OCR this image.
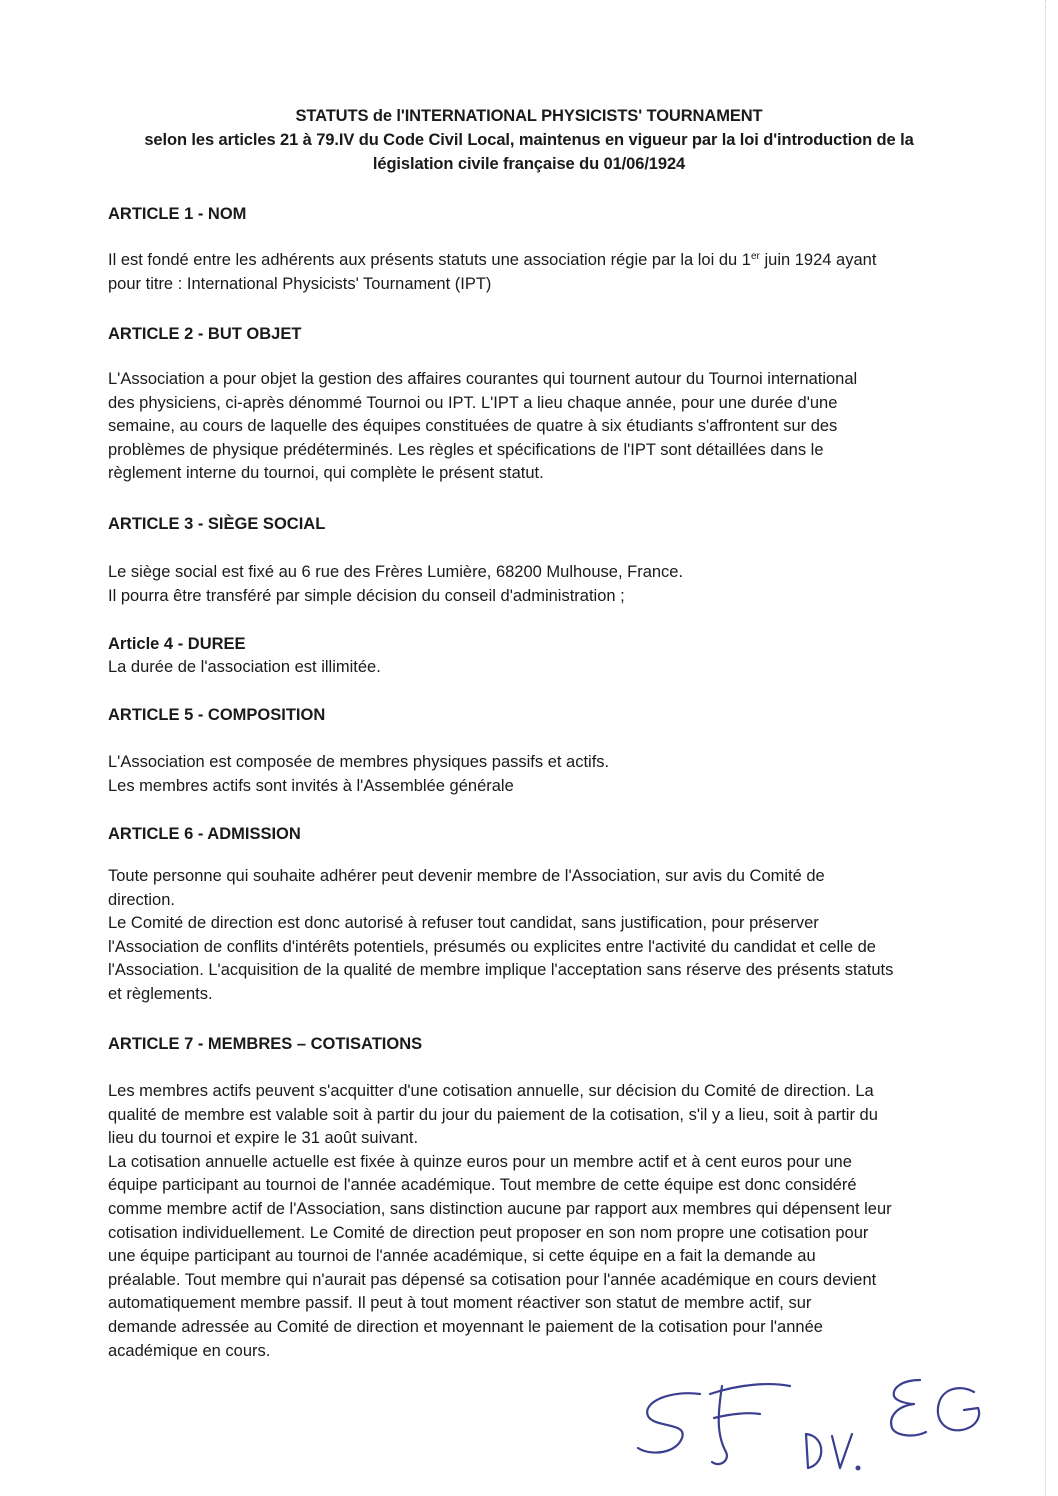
STATUTS de l'INTERNATIONAL PHYSICISTS' TOURNAMENT
selon les articles 21 à 79.IV du Code Civil Local, maintenus en vigueur par la loi d'introduction de la
législation civile française du 01/06/1924
ARTICLE 1 - NOM
Il est fondé entre les adhérents aux présents statuts une association régie par la loi du 1er juin 1924 ayant
pour titre : International Physicists' Tournament (IPT)
ARTICLE 2 - BUT OBJET
L'Association a pour objet la gestion des affaires courantes qui tournent autour du Tournoi international
des physiciens, ci-après dénommé Tournoi ou IPT. L'IPT a lieu chaque année, pour une durée d'une
semaine, au cours de laquelle des équipes constituées de quatre à six étudiants s'affrontent sur des
problèmes de physique prédéterminés. Les règles et spécifications de l'IPT sont détaillées dans le
règlement interne du tournoi, qui complète le présent statut.
ARTICLE 3 - SIÈGE SOCIAL
Le siège social est fixé au 6 rue des Frères Lumière, 68200 Mulhouse, France.
Il pourra être transféré par simple décision du conseil d'administration ;
Article 4 - DUREE
La durée de l'association est illimitée.
ARTICLE 5 - COMPOSITION
L'Association est composée de membres physiques passifs et actifs.
Les membres actifs sont invités à l'Assemblée générale
ARTICLE 6 - ADMISSION
Toute personne qui souhaite adhérer peut devenir membre de l'Association, sur avis du Comité de
direction.
Le Comité de direction est donc autorisé à refuser tout candidat, sans justification, pour préserver
l'Association de conflits d'intérêts potentiels, présumés ou explicites entre l'activité du candidat et celle de
l'Association. L'acquisition de la qualité de membre implique l'acceptation sans réserve des présents statuts
et règlements.
ARTICLE 7 - MEMBRES – COTISATIONS
Les membres actifs peuvent s'acquitter d'une cotisation annuelle, sur décision du Comité de direction. La
qualité de membre est valable soit à partir du jour du paiement de la cotisation, s'il y a lieu, soit à partir du
lieu du tournoi et expire le 31 août suivant.
La cotisation annuelle actuelle est fixée à quinze euros pour un membre actif et à cent euros pour une
équipe participant au tournoi de l'année académique. Tout membre de cette équipe est donc considéré
comme membre actif de l'Association, sans distinction aucune par rapport aux membres qui dépensent leur
cotisation individuellement. Le Comité de direction peut proposer en son nom propre une cotisation pour
une équipe participant au tournoi de l'année académique, si cette équipe en a fait la demande au
préalable. Tout membre qui n'aurait pas dépensé sa cotisation pour l'année académique en cours devient
automatiquement membre passif. Il peut à tout moment réactiver son statut de membre actif, sur
demande adressée au Comité de direction et moyennant le paiement de la cotisation pour l'année
académique en cours.
